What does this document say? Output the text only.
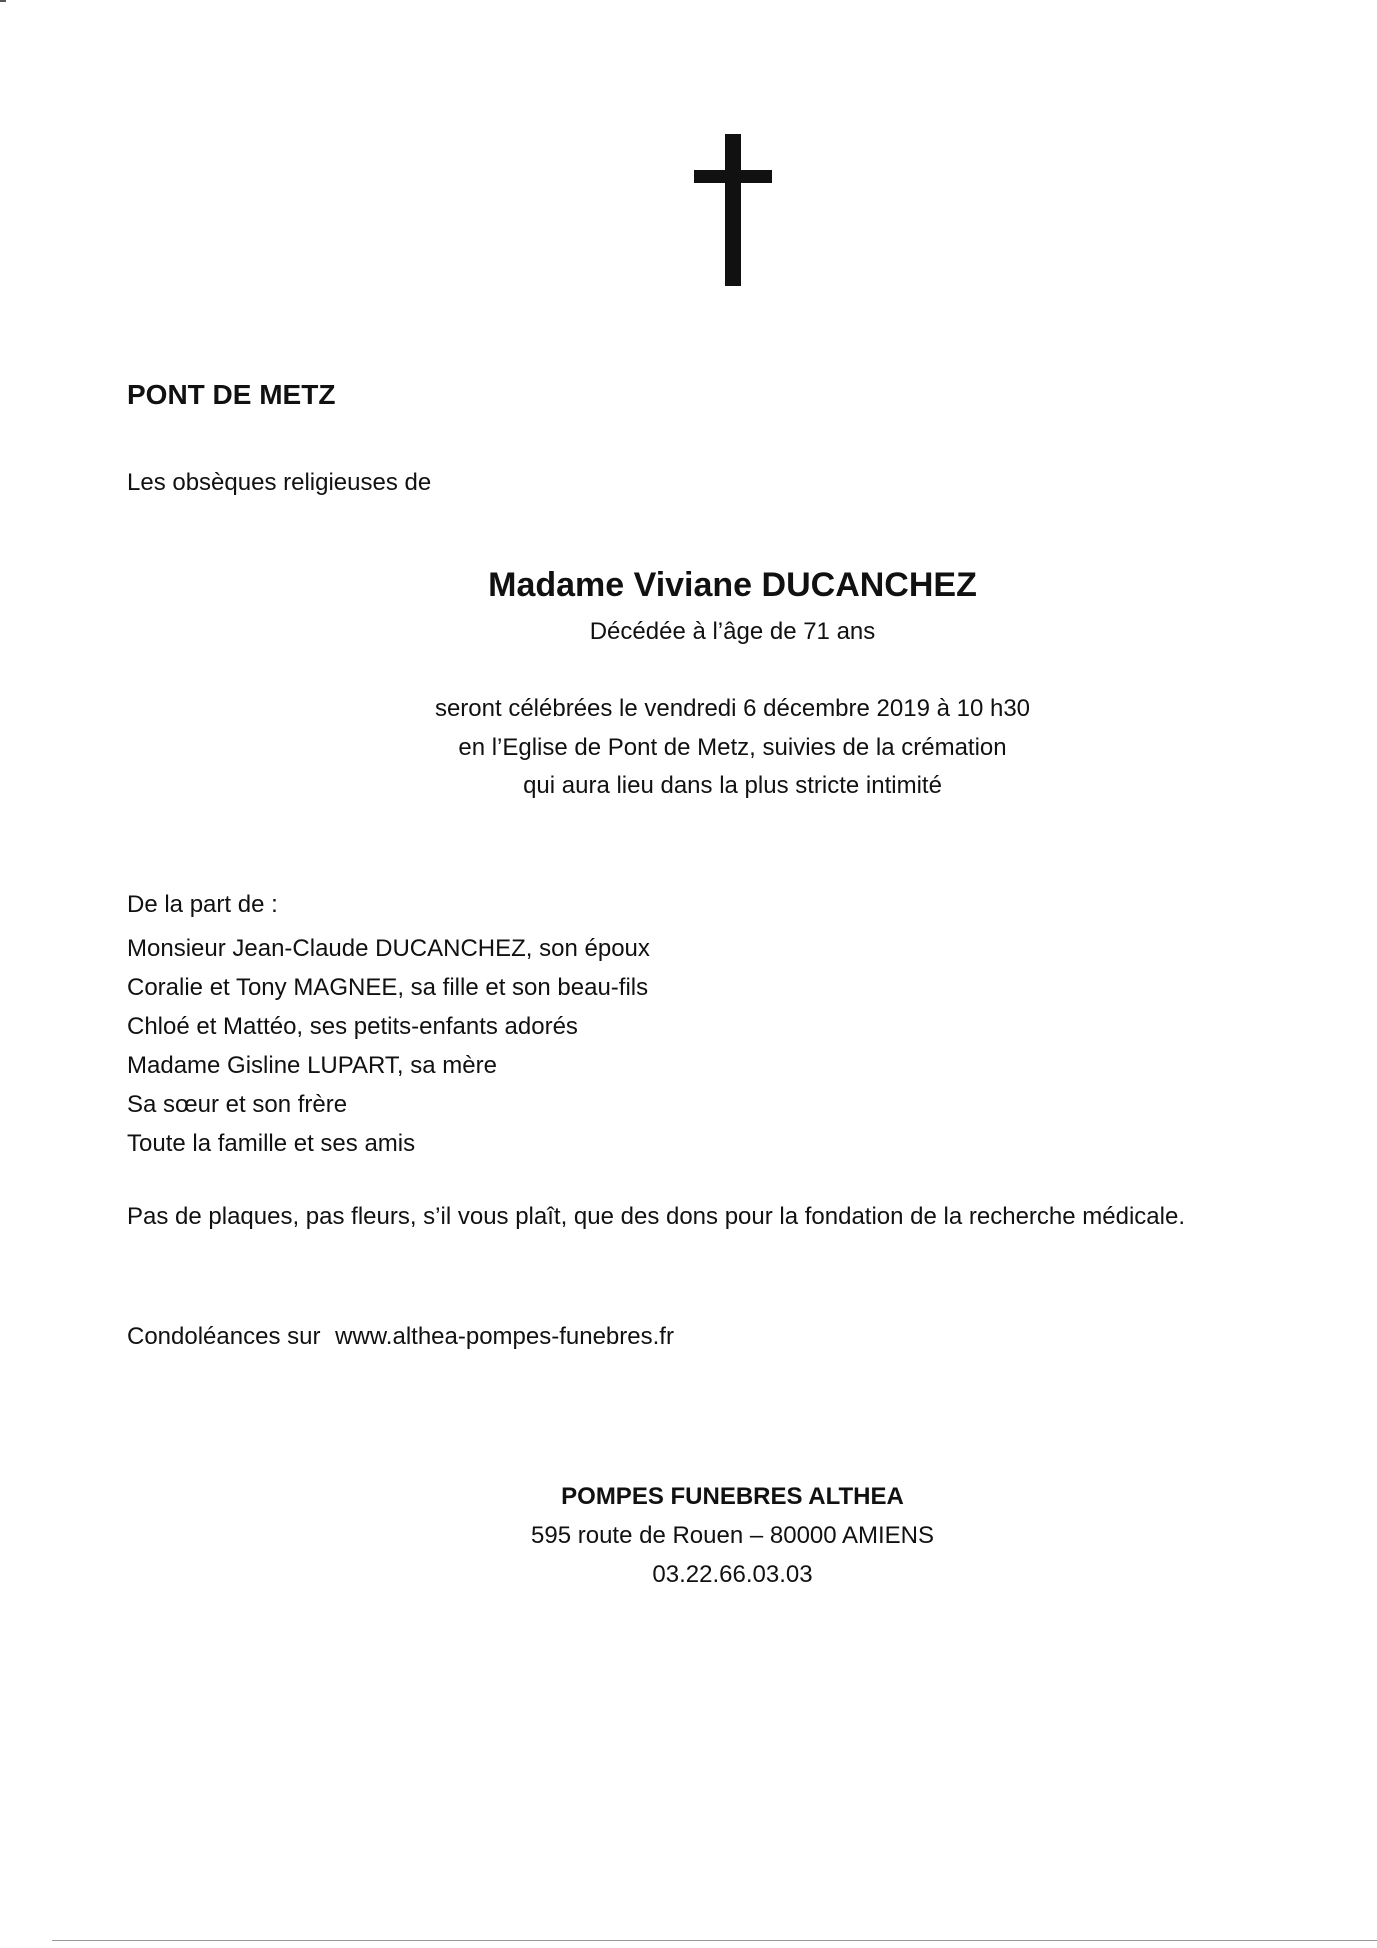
PONT DE METZ
Les obsèques religieuses de
Madame Viviane DUCANCHEZ
Décédée à l’âge de 71 ans
seront célébrées le vendredi 6 décembre 2019 à 10 h30
en l’Eglise de Pont de Metz, suivies de la crémation
qui aura lieu dans la plus stricte intimité
De la part de :
Monsieur Jean-Claude DUCANCHEZ, son époux
Coralie et Tony MAGNEE, sa fille et son beau-fils
Chloé et Mattéo, ses petits-enfants adorés
Madame Gisline LUPART, sa mère
Sa sœur et son frère
Toute la famille et ses amis
Pas de plaques, pas fleurs, s’il vous plaît, que des dons pour la fondation de la recherche médicale.
Condoléances sur www.althea-pompes-funebres.fr
POMPES FUNEBRES ALTHEA
595 route de Rouen – 80000 AMIENS
03.22.66.03.03
